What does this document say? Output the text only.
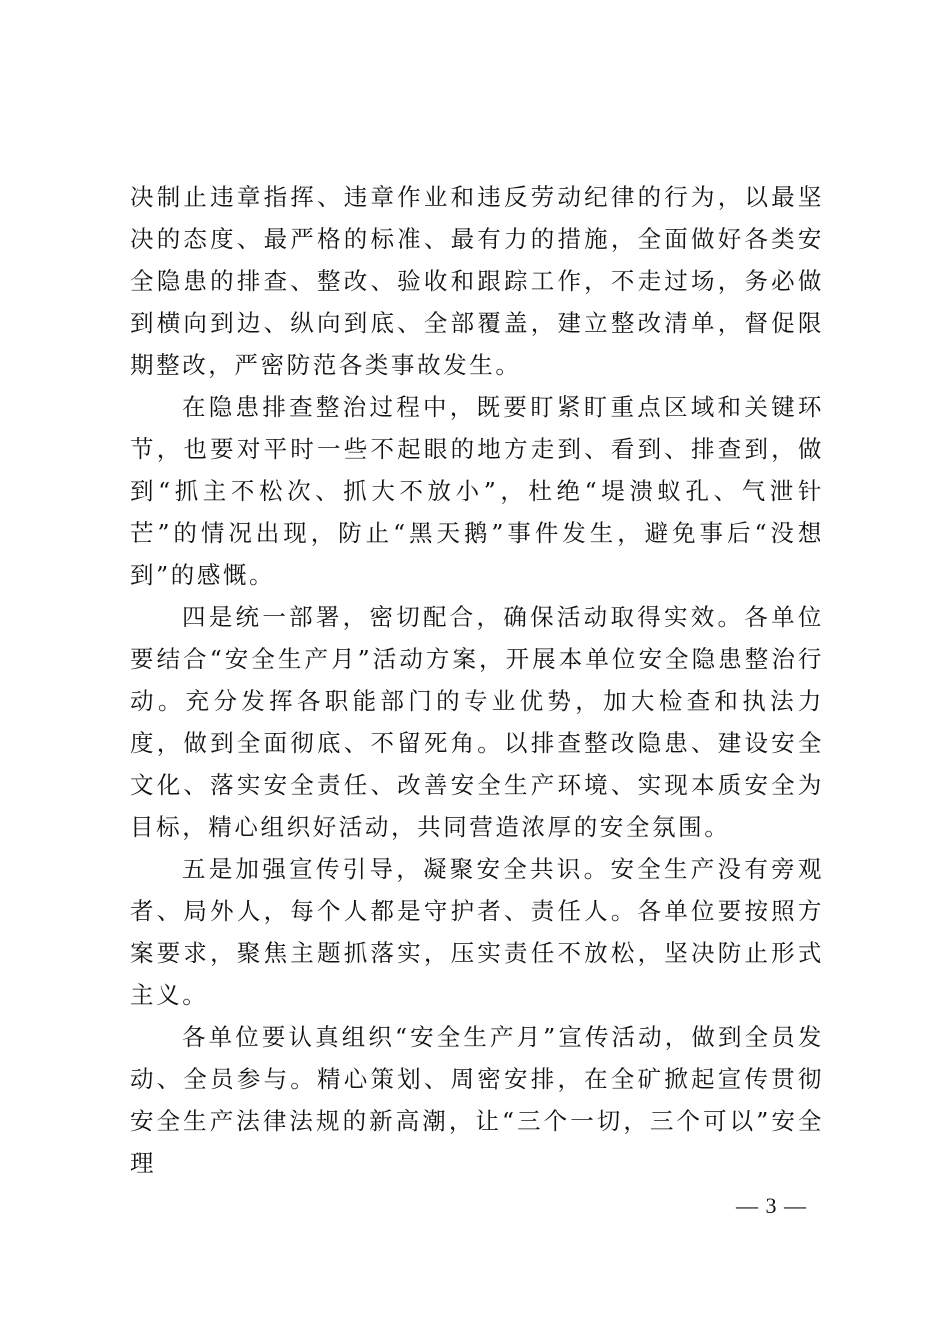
决制止违章指挥、违章作业和违反劳动纪律的行为，以最坚决的态度、最严格的标准、最有力的措施，全面做好各类安全隐患的排查、整改、验收和跟踪工作，不走过场，务必做到横向到边、纵向到底、全部覆盖，建立整改清单，督促限期整改，严密防范各类事故发生。

在隐患排查整治过程中，既要盯紧盯重点区域和关键环节，也要对平时一些不起眼的地方走到、看到、排查到，做到“抓主不松次、抓大不放小”，杜绝“堤溃蚁孔、气泄针芒”的情况出现，防止“黑天鹅”事件发生，避免事后“没想到”的感慨。

四是统一部署，密切配合，确保活动取得实效。各单位要结合“安全生产月”活动方案，开展本单位安全隐患整治行动。充分发挥各职能部门的专业优势，加大检查和执法力度，做到全面彻底、不留死角。以排查整改隐患、建设安全文化、落实安全责任、改善安全生产环境、实现本质安全为目标，精心组织好活动，共同营造浓厚的安全氛围。

五是加强宣传引导，凝聚安全共识。安全生产没有旁观者、局外人，每个人都是守护者、责任人。各单位要按照方案要求，聚焦主题抓落实，压实责任不放松，坚决防止形式主义。

各单位要认真组织“安全生产月”宣传活动，做到全员发动、全员参与。精心策划、周密安排，在全矿掀起宣传贯彻安全生产法律法规的新高潮，让“三个一切，三个可以”安全理

— 3 —
